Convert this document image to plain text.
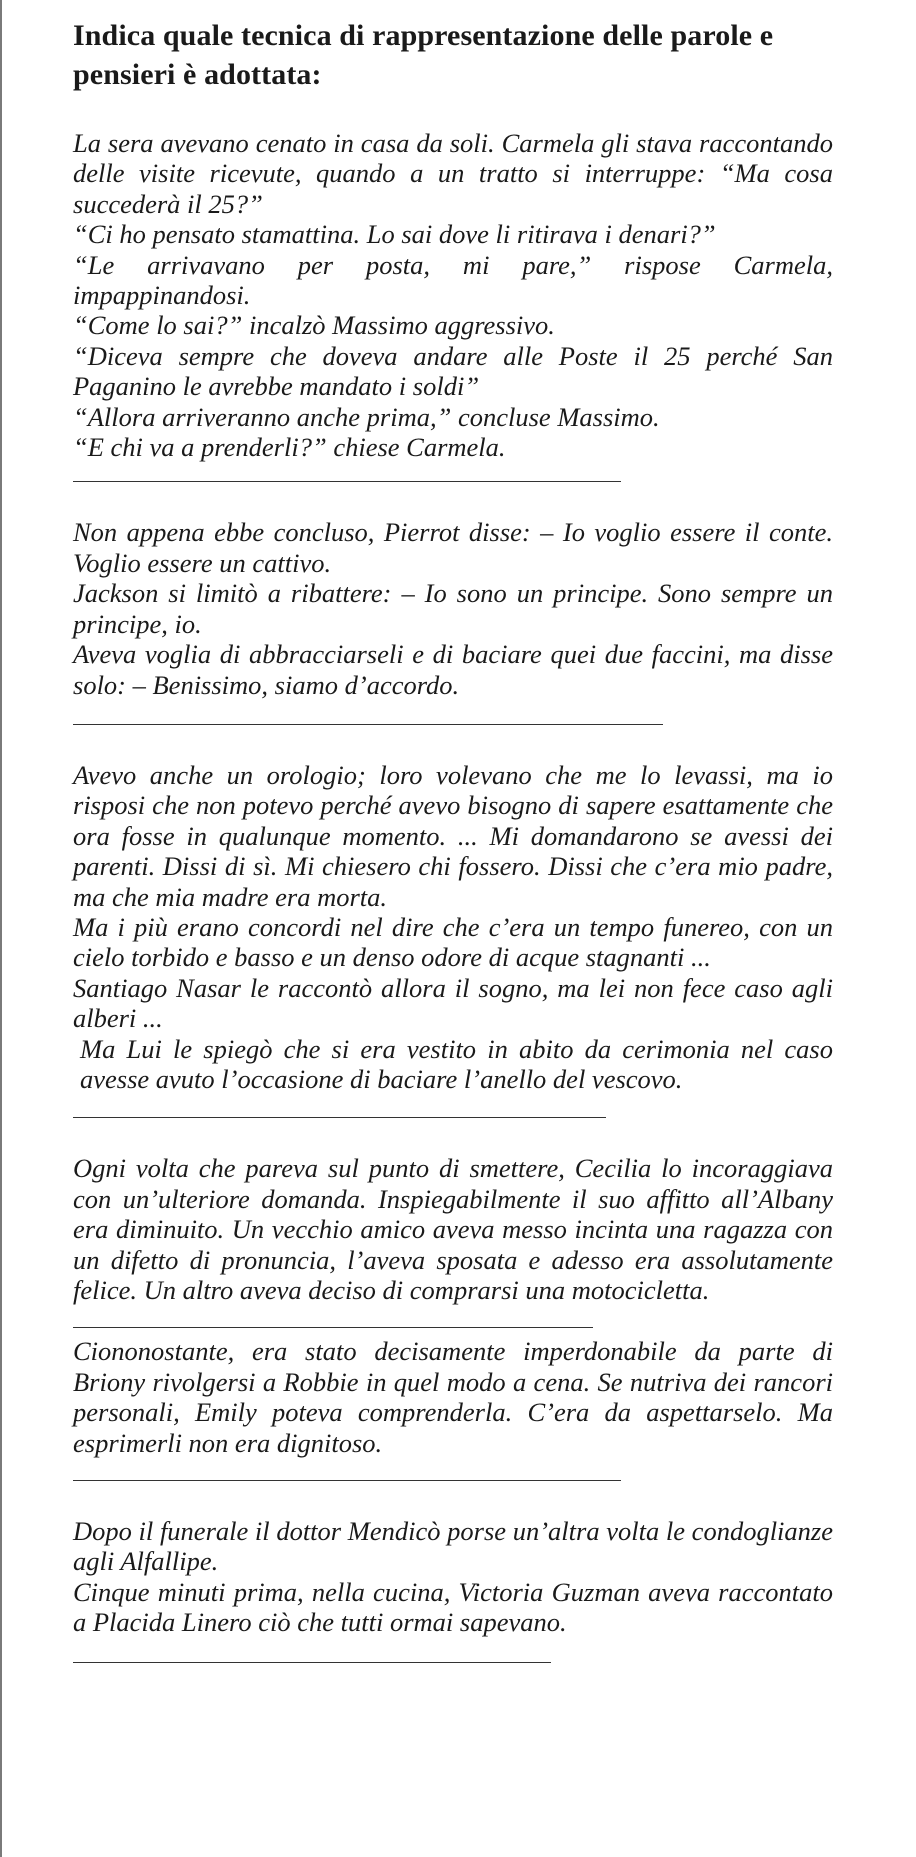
Indica quale tecnica di rappresentazione delle parole e pensieri è adottata:

La sera avevano cenato in casa da soli. Carmela gli stava raccontando delle visite ricevute, quando a un tratto si interruppe: “Ma cosa succederà il 25?”

“Ci ho pensato stamattina. Lo sai dove li ritirava i denari?”

“Le arrivavano per posta, mi pare,” rispose Carmela, impappinandosi.

“Come lo sai?” incalzò Massimo aggressivo.

“Diceva sempre che doveva andare alle Poste il 25 perché San Paganino le avrebbe mandato i soldi”

“Allora arriveranno anche prima,” concluse Massimo.

“E chi va a prenderli?” chiese Carmela.

Non appena ebbe concluso, Pierrot disse: – Io voglio essere il conte. Voglio essere un cattivo.

Jackson si limitò a ribattere: – Io sono un principe. Sono sempre un principe, io.

Aveva voglia di abbracciarseli e di baciare quei due faccini, ma disse solo: – Benissimo, siamo d’accordo.

Avevo anche un orologio; loro volevano che me lo levassi, ma io risposi che non potevo perché avevo bisogno di sapere esattamente che ora fosse in qualunque momento. ... Mi domandarono se avessi dei parenti. Dissi di sì. Mi chiesero chi fossero. Dissi che c’era mio padre, ma che mia madre era morta.

Ma i più erano concordi nel dire che c’era un tempo funereo, con un cielo torbido e basso e un denso odore di acque stagnanti ...

Santiago Nasar le raccontò allora il sogno, ma lei non fece caso agli alberi ...

Ma Lui le spiegò che si era vestito in abito da cerimonia nel caso avesse avuto l’occasione di baciare l’anello del vescovo.

Ogni volta che pareva sul punto di smettere, Cecilia lo incoraggiava con un’ulteriore domanda. Inspiegabilmente il suo affitto all’Albany era diminuito. Un vecchio amico aveva messo incinta una ragazza con un difetto di pronuncia, l’aveva sposata e adesso era assolutamente felice. Un altro aveva deciso di comprarsi una motocicletta.

Ciononostante, era stato decisamente imperdonabile da parte di Briony rivolgersi a Robbie in quel modo a cena. Se nutriva dei rancori personali, Emily poteva comprenderla. C’era da aspettarselo. Ma esprimerli non era dignitoso.

Dopo il funerale il dottor Mendicò porse un’altra volta le condoglianze agli Alfallipe.

Cinque minuti prima, nella cucina, Victoria Guzman aveva raccontato a Placida Linero ciò che tutti ormai sapevano.
